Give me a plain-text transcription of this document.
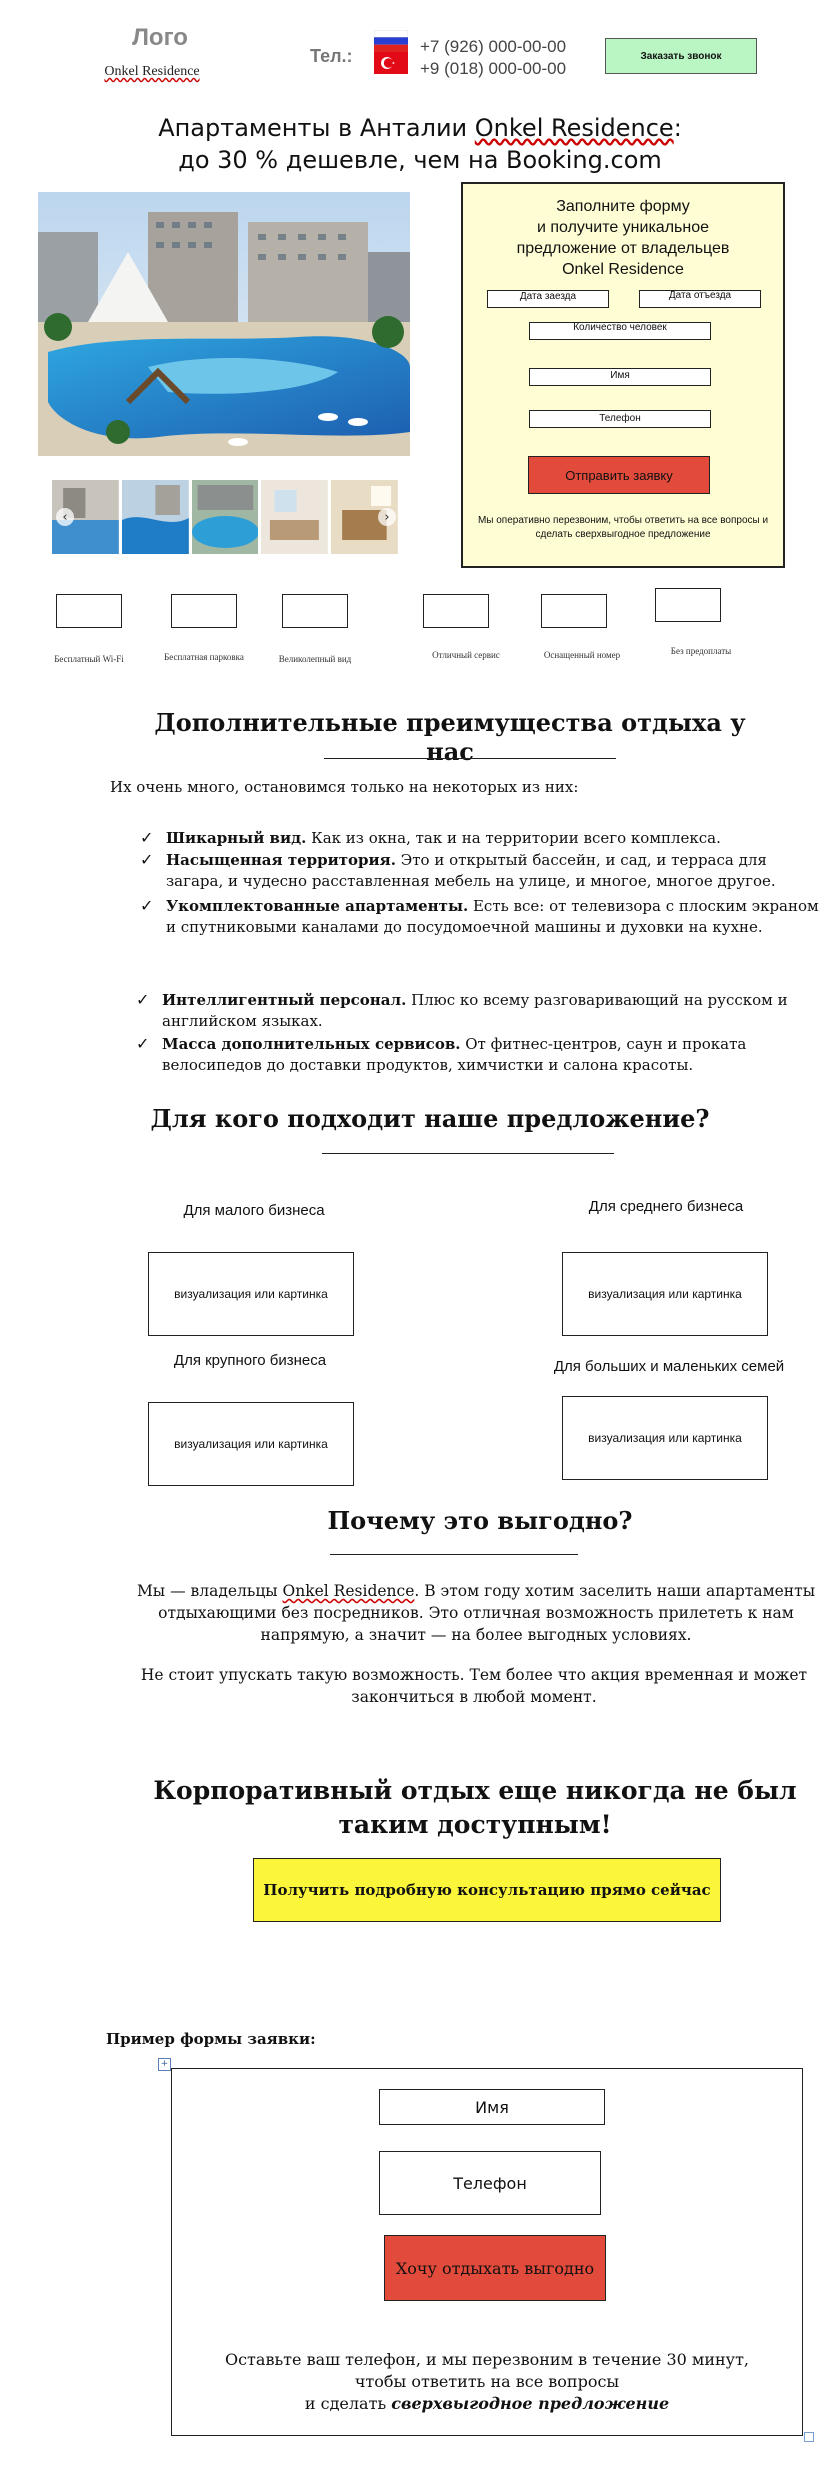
Лого
Onkel Residence
Тел.:	+7 (926) 000-00-00
+9 (018) 000-00-00
Заказать звонок
Апартаменты в Анталии Onkel Residence:
до 30 % дешевле, чем на Booking.com
‹	›
Заполните форму
и получите уникальное
предложение от владельцев
Onkel Residence
Дата заезда	Дата отъезда
Количество человек
Имя
Телефон
Отправить заявку
Мы оперативно перезвоним, чтобы ответить на все вопросы и сделать сверхвыгодное предложение
Бесплатный Wi-Fi	Бесплатная парковка	Великолепный вид	Отличный сервис	Оснащенный номер	Без предоплаты
Дополнительные преимущества отдыха у нас
Их очень много, остановимся только на некоторых из них:
✓ Шикарный вид. Как из окна, так и на территории всего комплекса.
✓ Насыщенная территория. Это и открытый бассейн, и сад, и терраса для загара, и чудесно расставленная мебель на улице, и многое, многое другое.
✓ Укомплектованные апартаменты. Есть все: от телевизора с плоским экраном и спутниковыми каналами до посудомоечной машины и духовки на кухне.
✓ Интеллигентный персонал. Плюс ко всему разговаривающий на русском и английском языках.
✓ Масса дополнительных сервисов. От фитнес-центров, саун и проката велосипедов до доставки продуктов, химчистки и салона красоты.
Для кого подходит наше предложение?
Для малого бизнеса
визуализация или картинка
Для среднего бизнеса
визуализация или картинка
Для крупного бизнеса
визуализация или картинка
Для больших и маленьких семей
визуализация или картинка
Почему это выгодно?
Мы — владельцы Onkel Residence. В этом году хотим заселить наши апартаменты отдыхающими без посредников. Это отличная возможность прилететь к нам напрямую, а значит — на более выгодных условиях.
Не стоит упускать такую возможность. Тем более что акция временная и может закончиться в любой момент.
Корпоративный отдых еще никогда не был таким доступным!
Получить подробную консультацию прямо сейчас
Пример формы заявки:
+
Имя
Телефон
Хочу отдыхать выгодно
Оставьте ваш телефон, и мы перезвоним в течение 30 минут,
чтобы ответить на все вопросы
и сделать сверхвыгодное предложение
